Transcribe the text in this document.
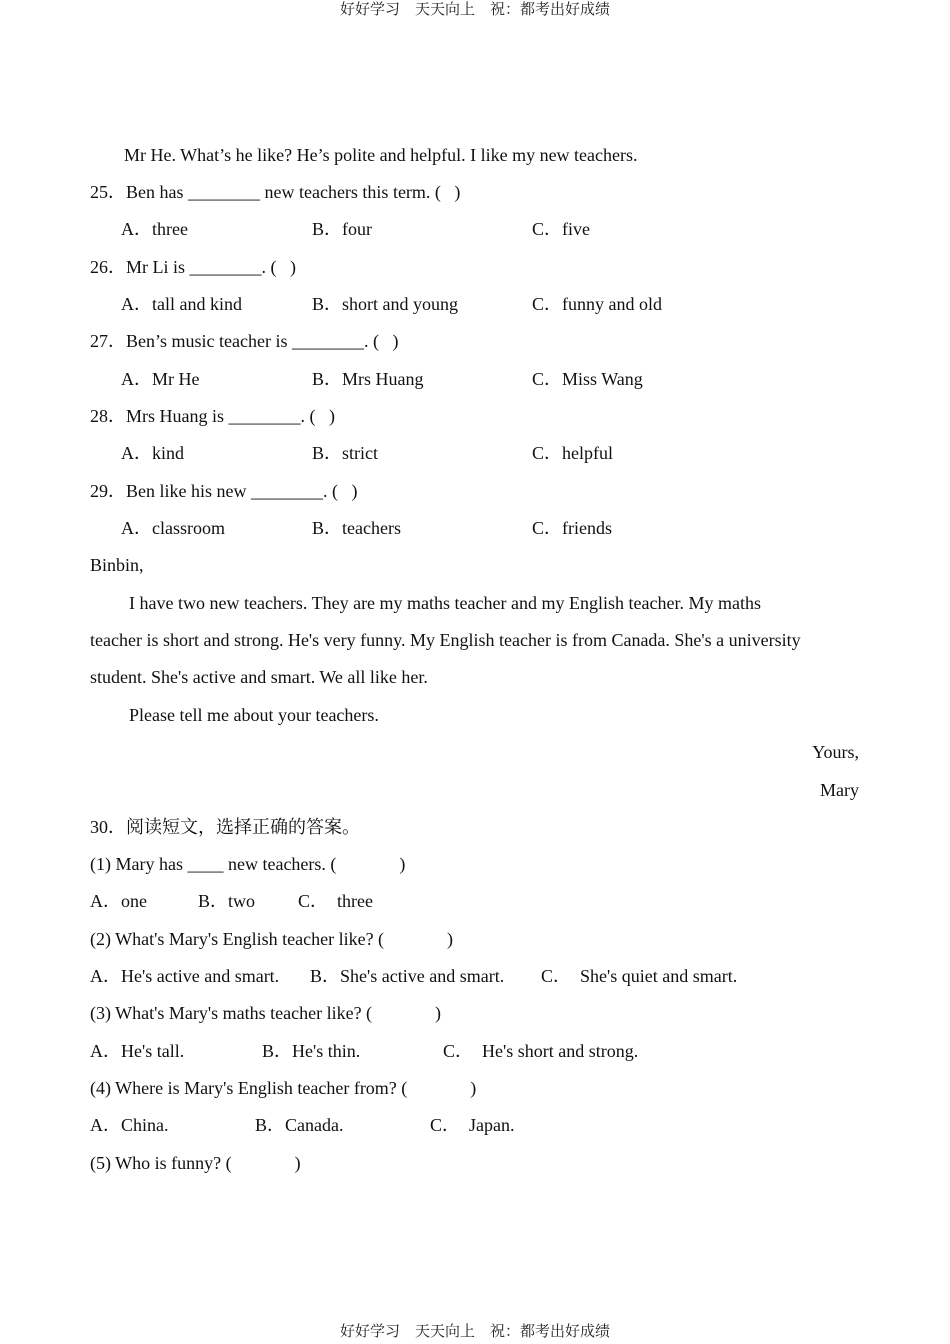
好好学习　天天向上　祝：都考出好成绩
Mr He. What’s he like? He’s polite and helpful. I like my new teachers.
25．Ben has ________ new teachers this term. (   )
A．three	B．four	C．five
26．Mr Li is ________. (   )
A．tall and kind	B．short and young	C．funny and old
27．Ben’s music teacher is ________. (   )
A．Mr He	B．Mrs Huang	C．Miss Wang
28．Mrs Huang is ________. (   )
A．kind	B．strict	C．helpful
29．Ben like his new ________. (   )
A．classroom	B．teachers	C．friends
Binbin,
I have two new teachers. They are my maths teacher and my English teacher. My maths
teacher is short and strong. He's very funny. My English teacher is from Canada. She's a university
student. She's active and smart. We all like her.
Please tell me about your teachers.
Yours,
Mary
30．阅读短文，选择正确的答案。
(1) Mary has ____ new teachers. (              )
A．one	B．two C．  three
(2) What's Mary's English teacher like? (              )
A．He's active and smart. B．She's active and smart. C．  She's quiet and smart.
(3) What's Mary's maths teacher like? (              )
A．He's tall.	B．He's thin.	C．  He's short and strong.
(4) Where is Mary's English teacher from? (              )
A．China.	B．Canada.	C．  Japan.
(5) Who is funny? (              )
好好学习　天天向上　祝：都考出好成绩
